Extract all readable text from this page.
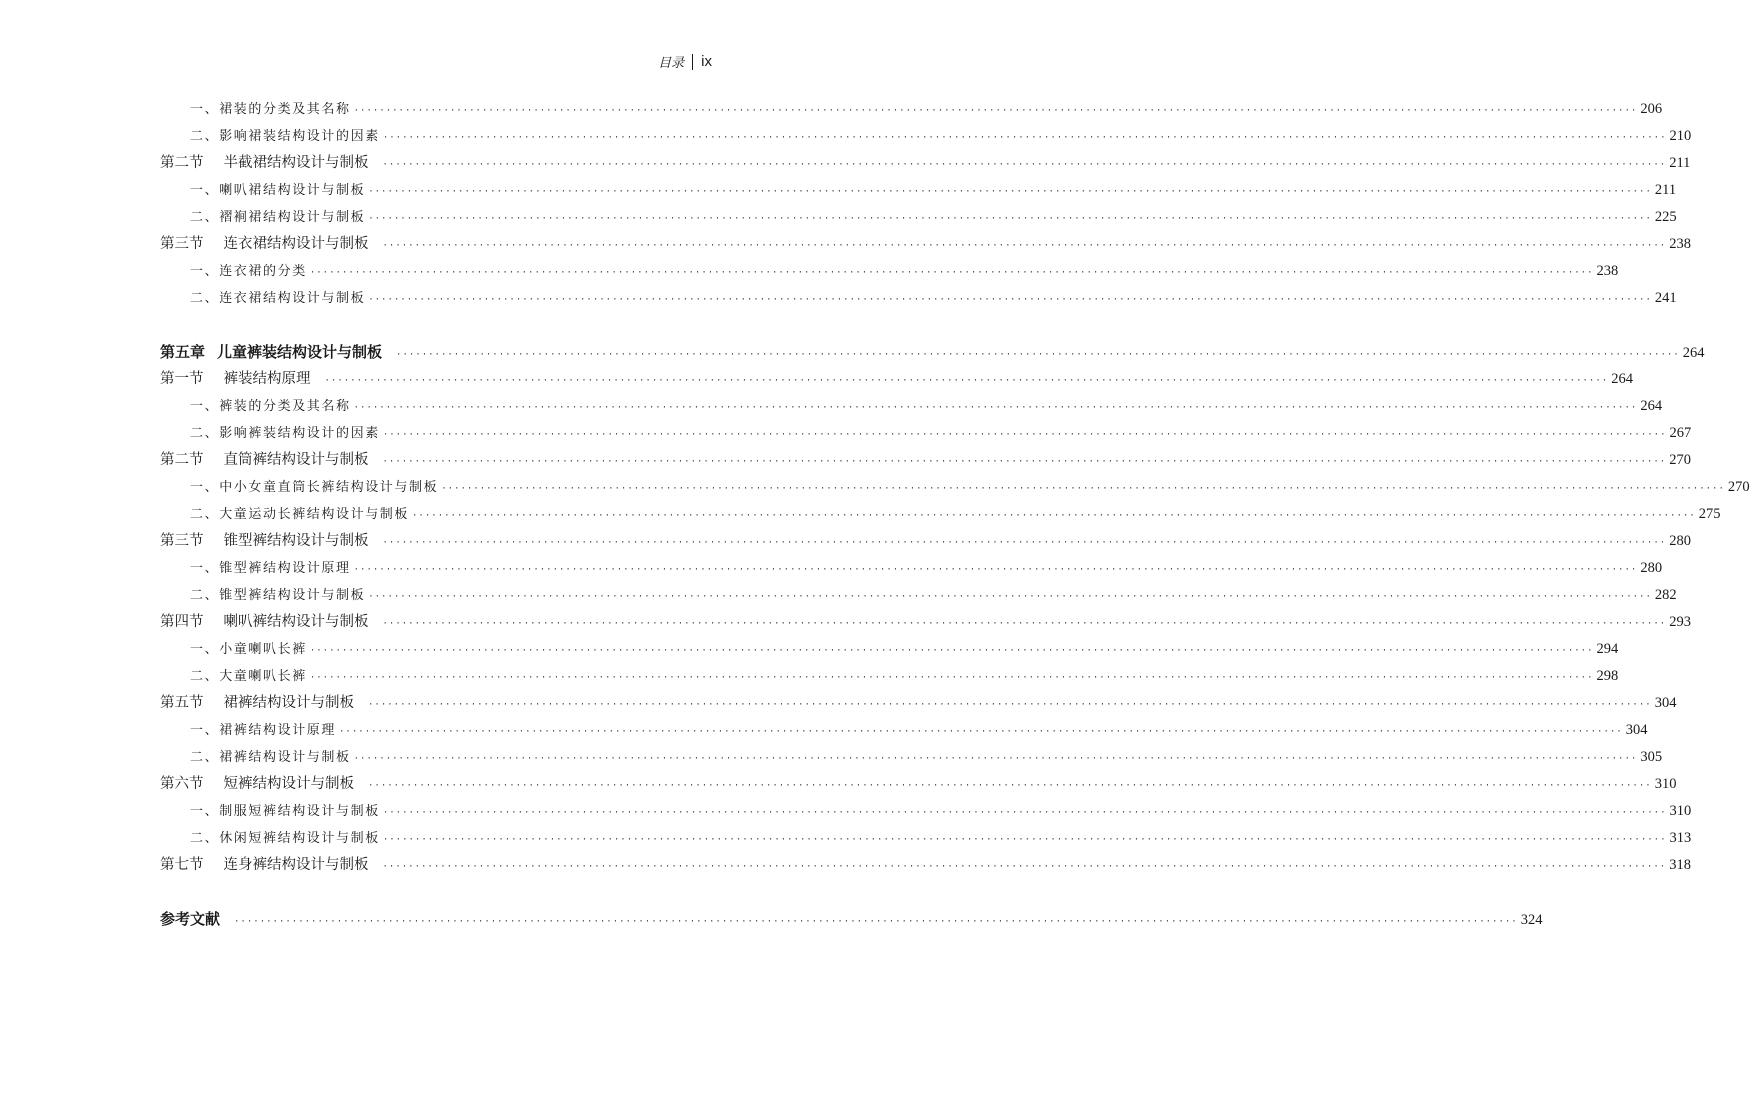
目录 ix
一、裙装的分类及其名称 ········································································································································································································ 206
二、影响裙装结构设计的因素 ········································································································································································································ 210
第二节 半截裙结构设计与制板 ········································································································································································································ 211
一、喇叭裙结构设计与制板 ········································································································································································································ 211
二、褶裥裙结构设计与制板 ········································································································································································································ 225
第三节 连衣裙结构设计与制板 ········································································································································································································ 238
一、连衣裙的分类 ········································································································································································································ 238
二、连衣裙结构设计与制板 ········································································································································································································ 241
第五章 儿童裤装结构设计与制板 ········································································································································································································ 264
第一节 裤装结构原理 ········································································································································································································ 264
一、裤装的分类及其名称 ········································································································································································································ 264
二、影响裤装结构设计的因素 ········································································································································································································ 267
第二节 直筒裤结构设计与制板 ········································································································································································································ 270
一、中小女童直筒长裤结构设计与制板 ········································································································································································································ 270
二、大童运动长裤结构设计与制板 ········································································································································································································ 275
第三节 锥型裤结构设计与制板 ········································································································································································································ 280
一、锥型裤结构设计原理 ········································································································································································································ 280
二、锥型裤结构设计与制板 ········································································································································································································ 282
第四节 喇叭裤结构设计与制板 ········································································································································································································ 293
一、小童喇叭长裤 ········································································································································································································ 294
二、大童喇叭长裤 ········································································································································································································ 298
第五节 裙裤结构设计与制板 ········································································································································································································ 304
一、裙裤结构设计原理 ········································································································································································································ 304
二、裙裤结构设计与制板 ········································································································································································································ 305
第六节 短裤结构设计与制板 ········································································································································································································ 310
一、制服短裤结构设计与制板 ········································································································································································································ 310
二、休闲短裤结构设计与制板 ········································································································································································································ 313
第七节 连身裤结构设计与制板 ········································································································································································································ 318
参考文献 ········································································································································································································ 324
